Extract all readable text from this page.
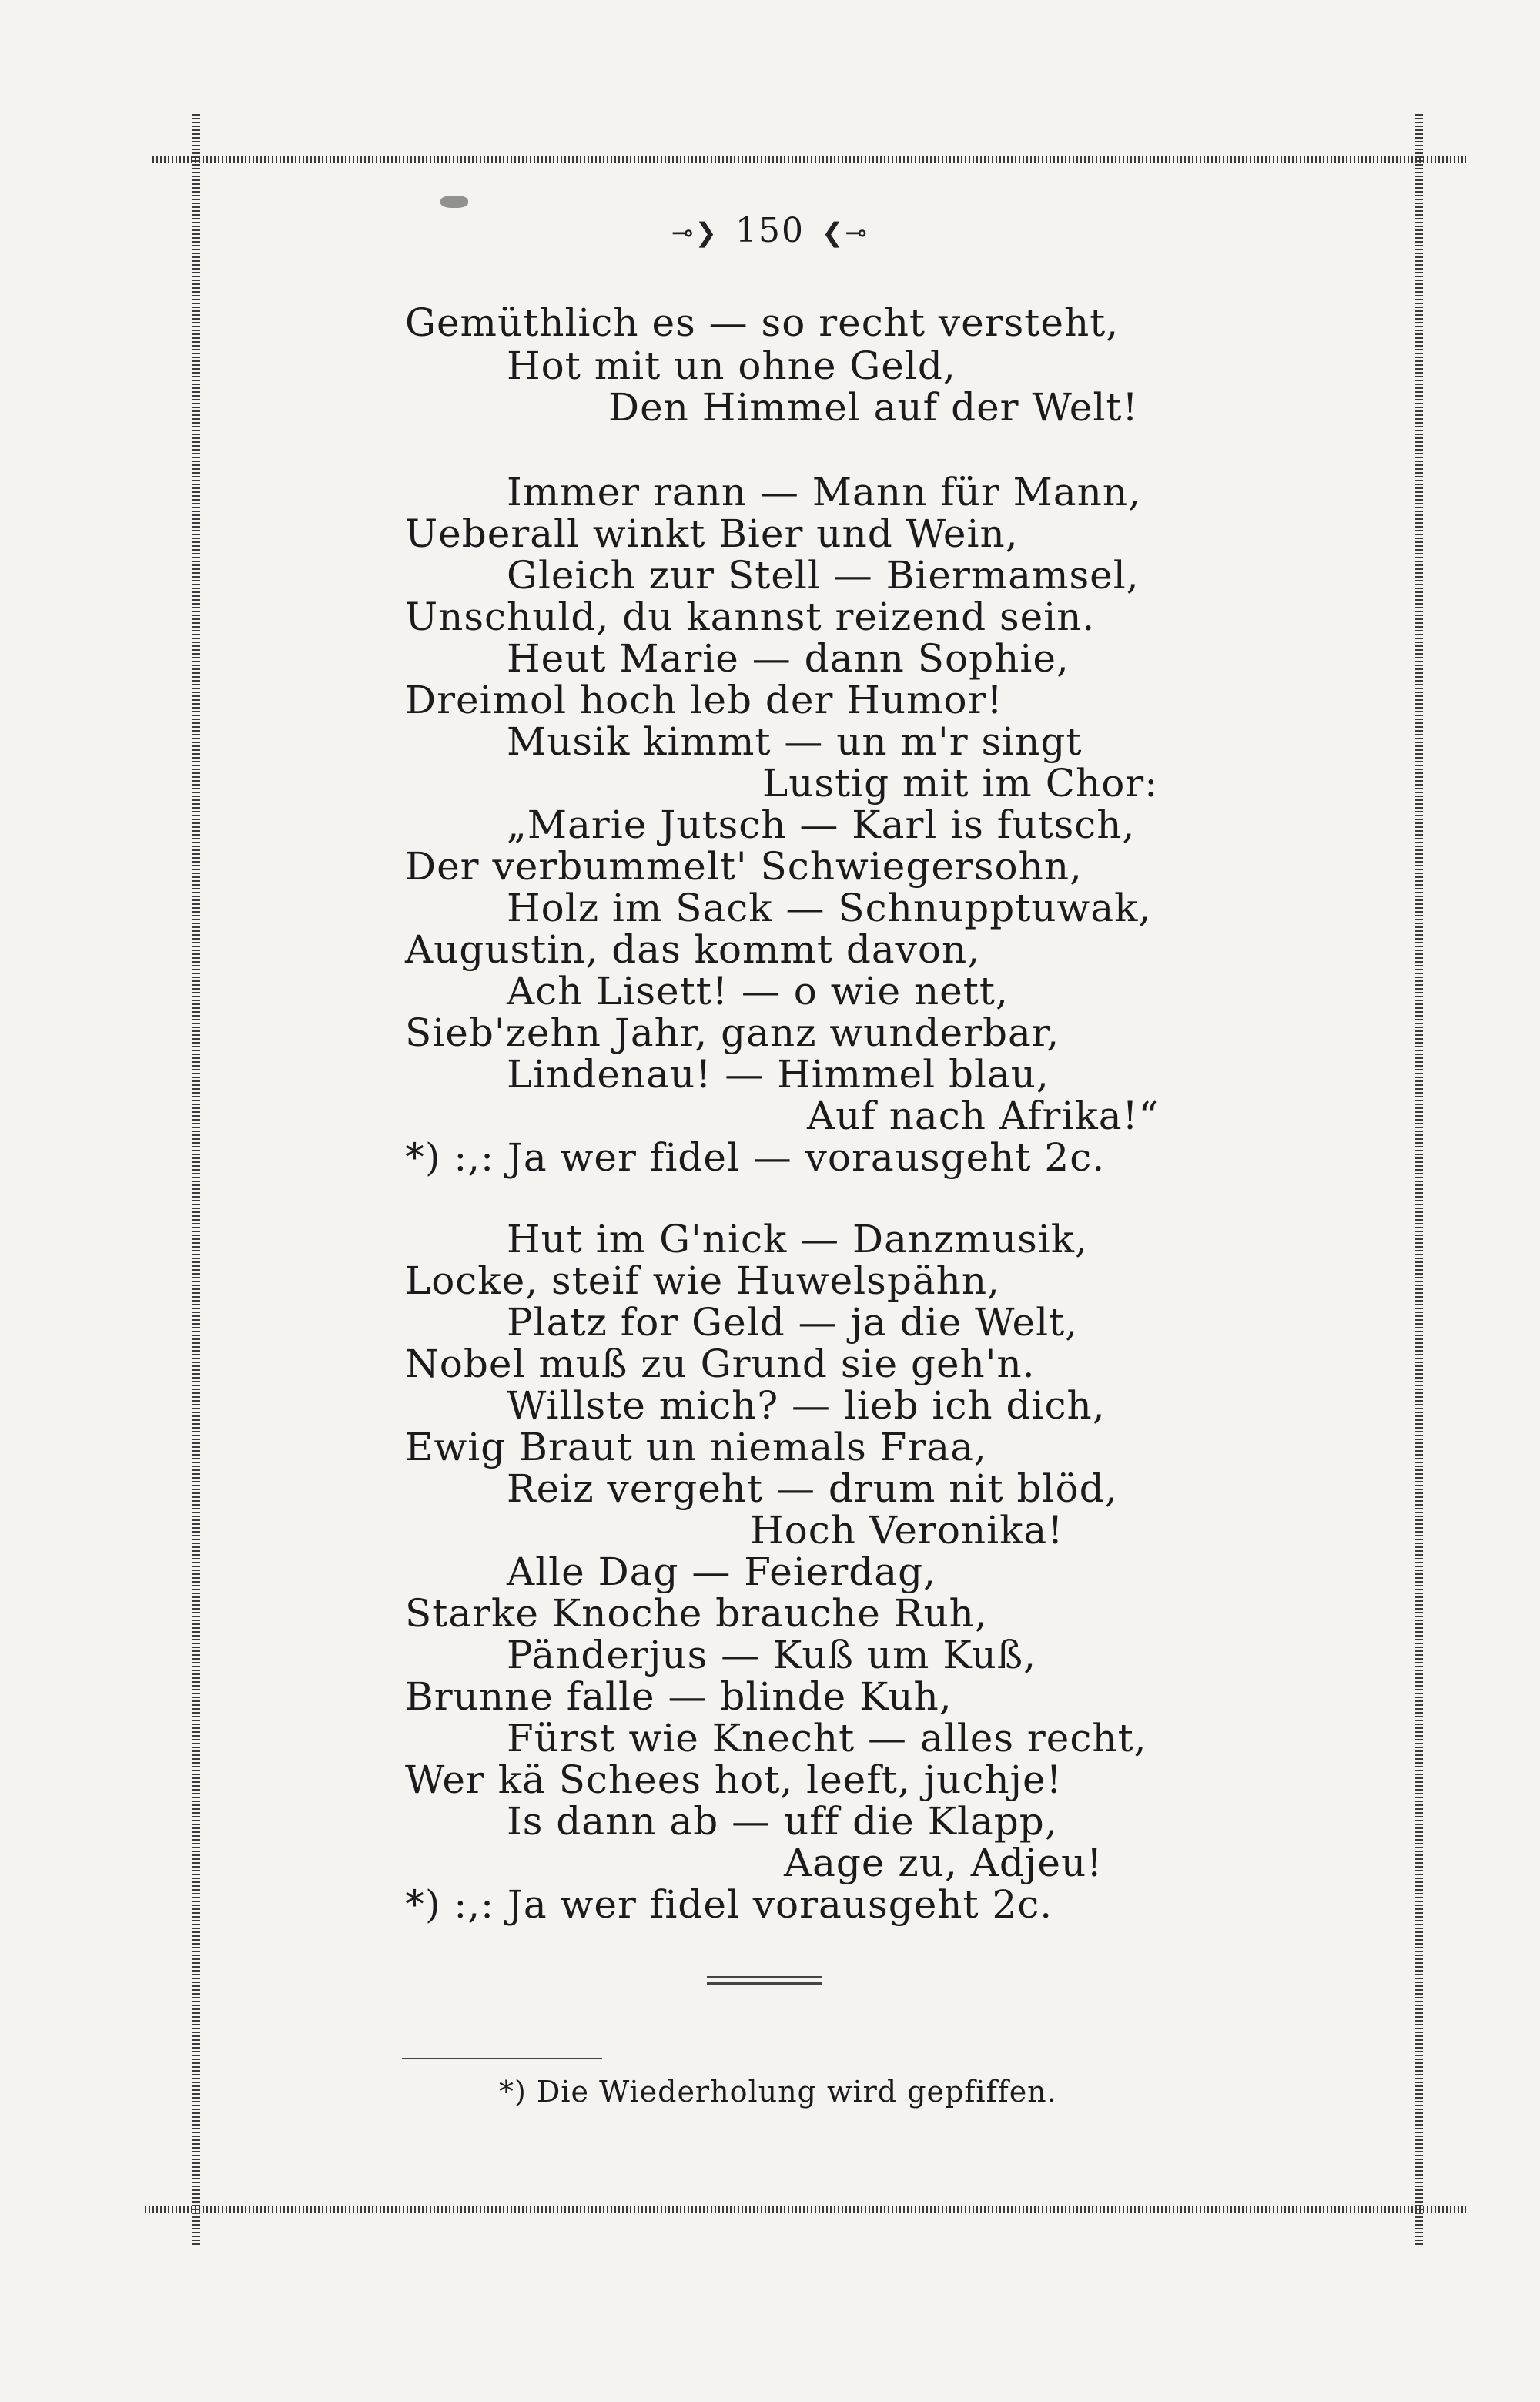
⊸❯ 150 ❮⊸
Gemüthlich es — so recht versteht,
Hot mit un ohne Geld,
Den Himmel auf der Welt!
Immer rann — Mann für Mann,
Ueberall winkt Bier und Wein,
Gleich zur Stell — Biermamsel,
Unschuld, du kannst reizend sein.
Heut Marie — dann Sophie,
Dreimol hoch leb der Humor!
Musik kimmt — un m'r singt
Lustig mit im Chor:
„Marie Jutsch — Karl is futsch,
Der verbummelt' Schwiegersohn,
Holz im Sack — Schnupptuwak,
Augustin, das kommt davon,
Ach Lisett! — o wie nett,
Sieb'zehn Jahr, ganz wunderbar,
Lindenau! — Himmel blau,
Auf nach Afrika!“
*) :,: Ja wer fidel — vorausgeht 2c.
Hut im G'nick — Danzmusik,
Locke, steif wie Huwelspähn,
Platz for Geld — ja die Welt,
Nobel muß zu Grund sie geh'n.
Willste mich? — lieb ich dich,
Ewig Braut un niemals Fraa,
Reiz vergeht — drum nit blöd,
Hoch Veronika!
Alle Dag — Feierdag,
Starke Knoche brauche Ruh,
Pänderjus — Kuß um Kuß,
Brunne falle — blinde Kuh,
Fürst wie Knecht — alles recht,
Wer kä Schees hot, leeft, juchje!
Is dann ab — uff die Klapp,
Aage zu, Adjeu!
*) :,: Ja wer fidel vorausgeht 2c.
*) Die Wiederholung wird gepfiffen.
